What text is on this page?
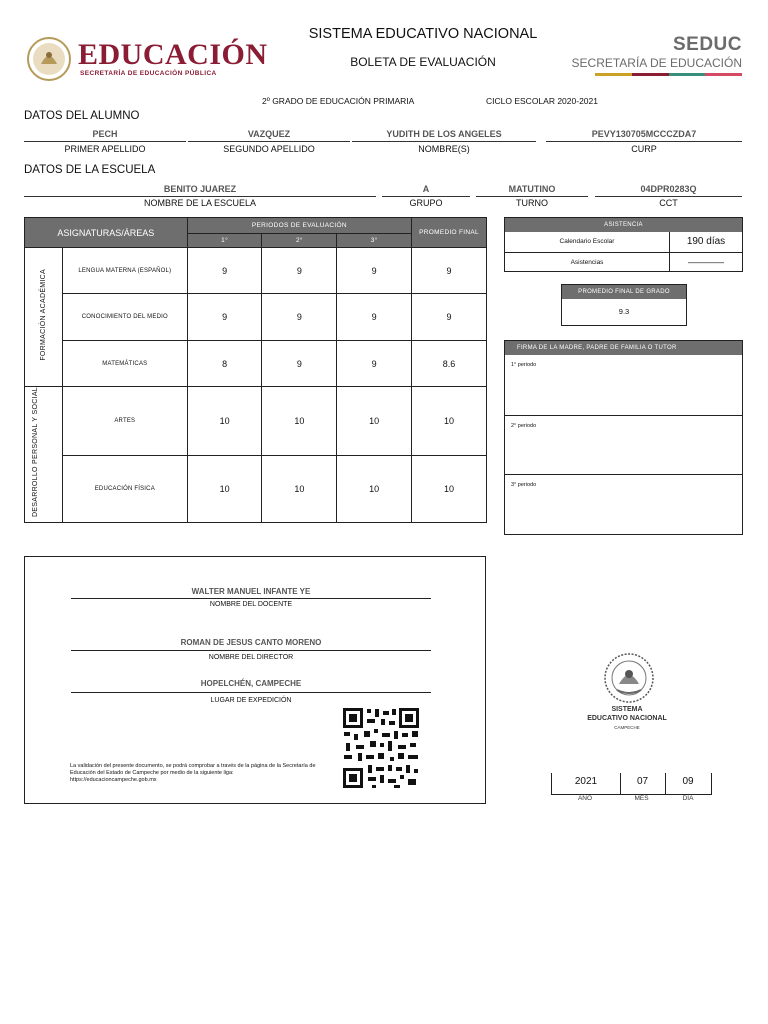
EDUCACIÓN
SECRETARÍA DE EDUCACIÓN PÚBLICA
SISTEMA EDUCATIVO NACIONAL
BOLETA DE EVALUACIÓN
SEDUC
SECRETARÍA DE EDUCACIÓN
2º GRADO DE EDUCACIÓN PRIMARIA	CICLO ESCOLAR 2020-2021
DATOS DEL ALUMNO
PECH
PRIMER APELLIDO
VAZQUEZ
SEGUNDO APELLIDO
YUDITH DE LOS ANGELES
NOMBRE(S)
PEVY130705MCCCZDA7
CURP
DATOS DE LA ESCUELA
BENITO JUAREZ
NOMBRE DE LA ESCUELA
A
GRUPO
MATUTINO
TURNO
04DPR0283Q
CCT
ASIGNATURAS/ÁREAS		PERIODOS DE EVALUACIÓN			PROMEDIO FINAL
		1°	2°	3°	
FORMACIÓN ACADÉMICA	LENGUA MATERNA (ESPAÑOL)	9	9	9	9
	CONOCIMIENTO DEL MEDIO	9	9	9	9
	MATEMÁTICAS	8	9	9	8.6
DESARROLLO PERSONAL Y SOCIAL	ARTES	10	10	10	10
	EDUCACIÓN FÍSICA	10	10	10	10
ASISTENCIA
Calendario Escolar	190 días
Asistencias	————
PROMEDIO FINAL DE GRADO
9.3
FIRMA DE LA MADRE, PADRE DE FAMILIA O TUTOR
1° periodo
2° periodo
3° periodo
WALTER MANUEL INFANTE YE
NOMBRE DEL DOCENTE
ROMAN DE JESUS CANTO MORENO
NOMBRE DEL DIRECTOR
HOPELCHÉN, CAMPECHE
LUGAR DE EXPEDICIÓN
La validación del presente documento, se podrá comprobar a través de la página de la Secretaría de Educación del Estado de Campeche por medio de la siguiente liga: https://educacioncampeche.gob.mx
SISTEMA
EDUCATIVO NACIONAL
CAMPECHE
2021	07	09
AÑO	MES	DÍA
